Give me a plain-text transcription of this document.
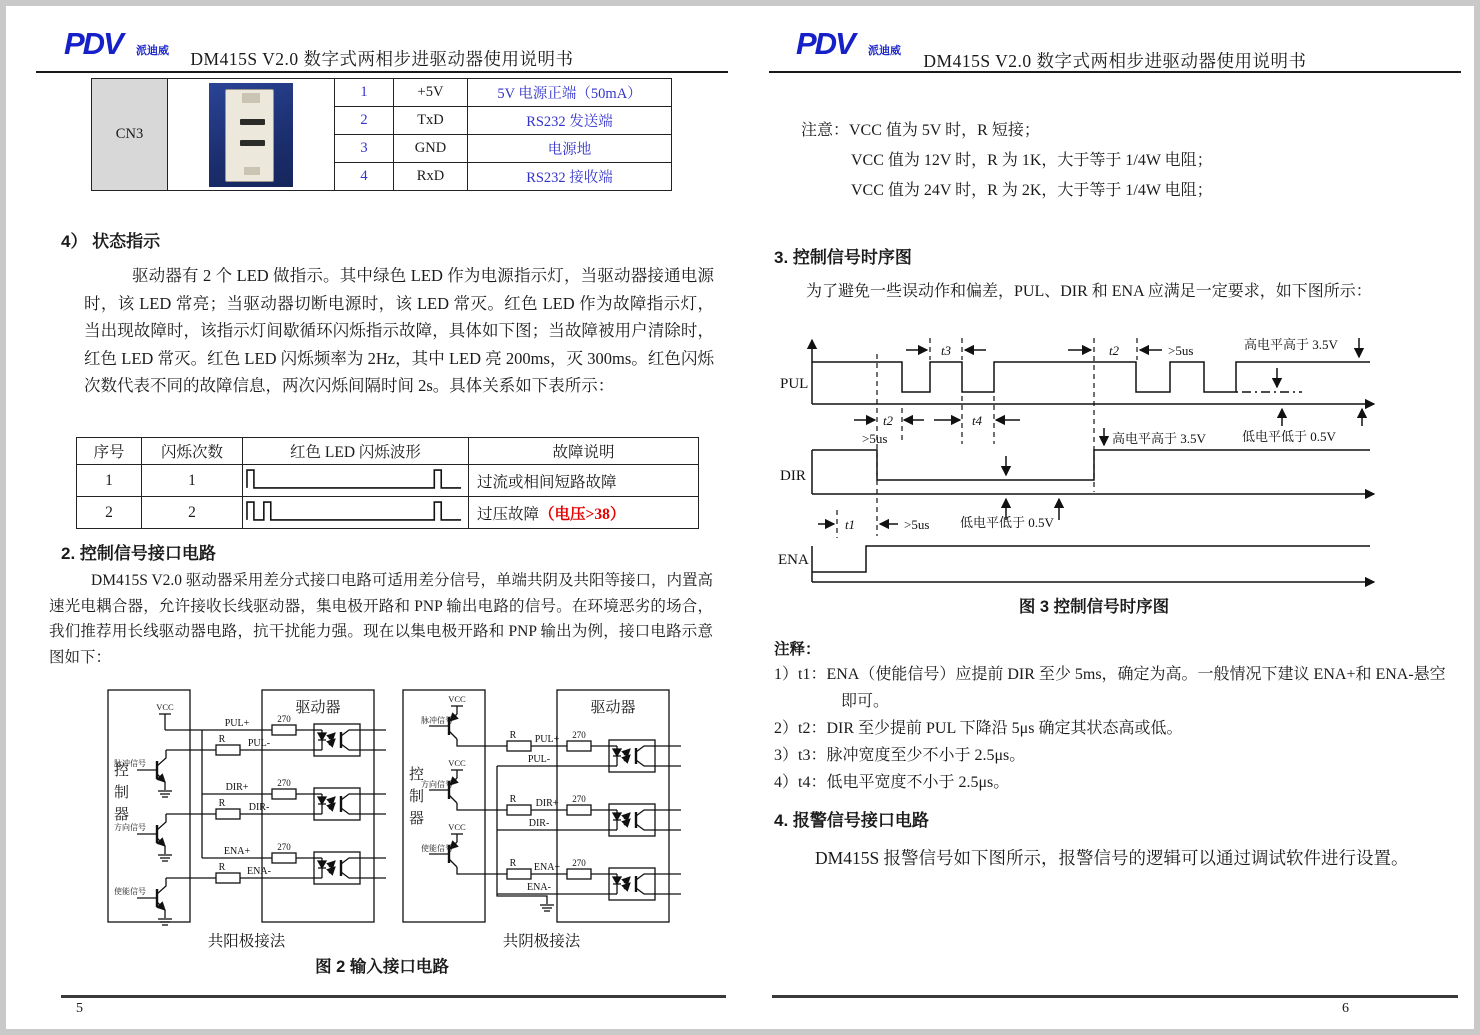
PDV 派迪威	DM415S V2.0 数字式两相步进驱动器使用说明书
CN3		1	+5V	5V 电源正端（50mA）
		2	TxD	RS232 发送端
		3	GND	电源地
		4	RxD	RS232 接收端
4） 状态指示
驱动器有 2 个 LED 做指示。其中绿色 LED 作为电源指示灯，当驱动器接通电源时，该 LED 常亮；当驱动器切断电源时，该 LED 常灭。红色 LED 作为故障指示灯， 当出现故障时，该指示灯间歇循环闪烁指示故障，具体如下图；当故障被用户清除时，红色 LED 常灭。红色 LED 闪烁频率为 2Hz，其中 LED 亮 200ms，灭 300ms。红色闪烁次数代表不同的故障信息，两次闪烁间隔时间 2s。具体关系如下表所示：
序号	闪烁次数	红色 LED 闪烁波形	故障说明
1	1		过流或相间短路故障
2	2		过压故障（电压>38）
2. 控制信号接口电路
DM415S V2.0 驱动器采用差分式接口电路可适用差分信号，单端共阴及共阳等接口，内置高速光电耦合器，允许接收长线驱动器，集电极开路和 PNP 输出电路的信号。在环境恶劣的场合，我们推荐用长线驱动器电路，抗干扰能力强。现在以集电极开路和 PNP 输出为例，接口电路示意图如下：
驱动器
VCC
PUL+	270
DIR+	270
ENA+	270
R PUL-
R DIR-
R ENA-
脉冲信号
方向信号
使能信号
控制器
驱动器
VCC
脉冲信号
VCC
方向信号
VCC
使能信号
R PUL+ 270
R DIR+ 270
R ENA+ 270
PUL-
DIR-
ENA-
控制器
共阳极接法	共阴极接法
图 2 输入接口电路
5
PDV 派迪威	DM415S V2.0 数字式两相步进驱动器使用说明书
注意：VCC 值为 5V 时，R 短接；
VCC 值为 12V 时，R 为 1K，大于等于 1/4W 电阻；
VCC 值为 24V 时，R 为 2K，大于等于 1/4W 电阻；
3. 控制信号时序图
为了避免一些误动作和偏差，PUL、DIR 和 ENA 应满足一定要求，如下图所示：
PUL
t3	t2	>5us	高电平高于 3.5V
低电平低于 0.5V
t2
>5us
t4
DIR
低电平低于 0.5V
高电平高于 3.5V
ENA
t1	>5us
图 3 控制信号时序图
注释：
1）t1：ENA（使能信号）应提前 DIR 至少 5ms，确定为高。一般情况下建议 ENA+和 ENA-悬空即可。
2）t2：DIR 至少提前 PUL 下降沿 5μs 确定其状态高或低。
3）t3：脉冲宽度至少不小于 2.5μs。
4）t4：低电平宽度不小于 2.5μs。
4. 报警信号接口电路
DM415S 报警信号如下图所示，报警信号的逻辑可以通过调试软件进行设置。
6
